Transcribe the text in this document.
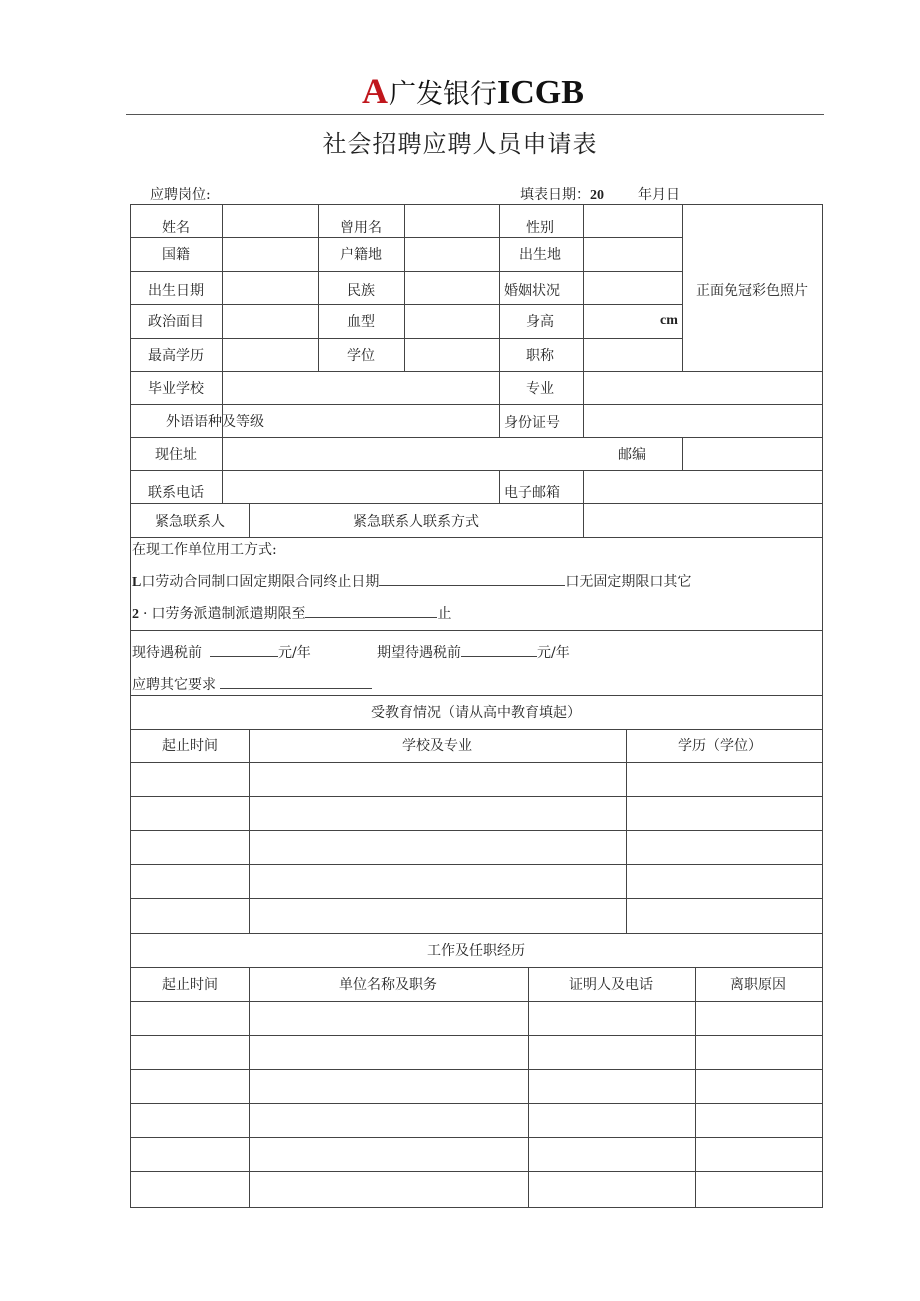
A 广发银行 ICGB
社会招聘应聘人员申请表
应聘岗位:	填表日期：20 年月日
姓名	曾用名	性别
国籍	户籍地	出生地
出生日期	民族	婚姻状况
政治面目	血型	身高	cm
最高学历	学位	职称
正面免冠彩色照片
毕业学校	专业
外语语种及等级	身份证号
现住址	邮编
联系电话	电子邮箱
紧急联系人	紧急联系人联系方式
在现工作单位用工方式:
L口劳动合同制口固定期限合同终止日期	口无固定期限口其它
2 · 口劳务派遣制派遣期限至	止
现待遇税前	元/年	期望待遇税前	元/年
应聘其它要求
受教育情况（请从高中教育填起）
起止时间	学校及专业	学历（学位）
工作及任职经历
起止时间	单位名称及职务	证明人及电话	离职原因
